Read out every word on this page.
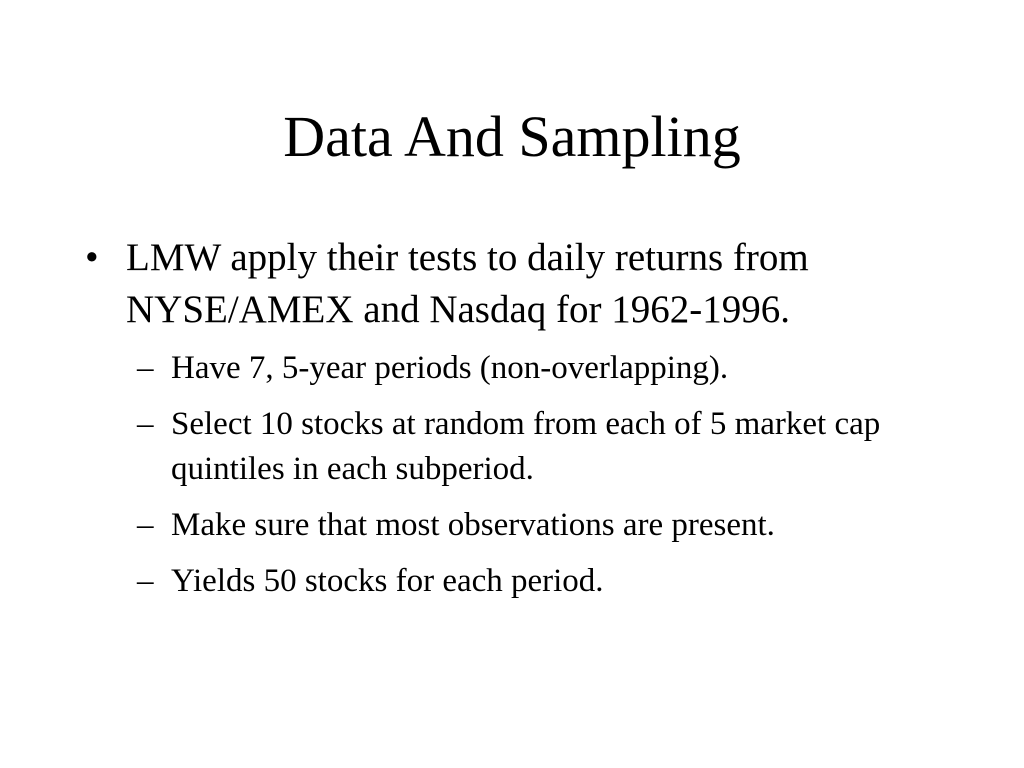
Data And Sampling
• LMW apply their tests to daily returns from NYSE/AMEX and Nasdaq for 1962-1996.
– Have 7, 5-year periods (non-overlapping).
– Select 10 stocks at random from each of 5 market cap quintiles in each subperiod.
– Make sure that most observations are present.
– Yields 50 stocks for each period.
